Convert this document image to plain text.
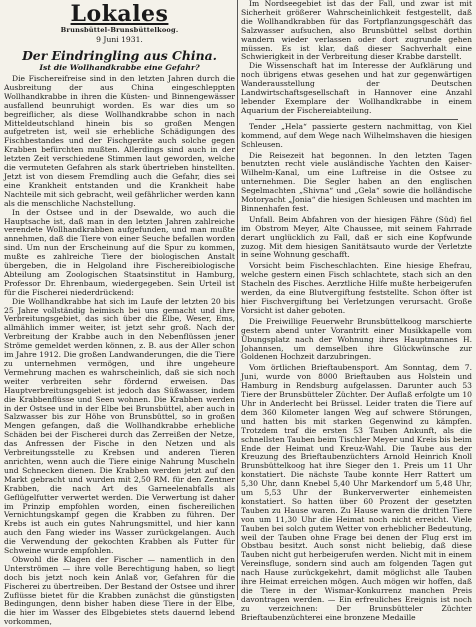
Lokales
Brunsbüttel-Brunsbüttelkoog.
9 Juni 1931.
Der Eindringling aus China.
Ist die Wollhandkrabbe eine Gefahr?

Die Fischereifreise sind in den letzten Jahren durch die Ausbreitung der aus China eingeschleppten Wollhandkrabbe in ihren die Küsten- und Binnengewässer ausfallend beunruhigt worden. Es war dies um so begreiflicher, als diese Wollhandkrabbe schon in nach Mitteldeutschland hinein bis so großen Mengen aufgetreten ist, weil sie erhebliche Schädigungen des Fischbestandes und der Fischgeräte auch solche gegen Krabben befürchten mußten. Allerdings sind auch in der letzten Zeit verschiedene Stimmen laut geworden, welche die vermuteten Gefahren als stark übertrieben hinstellten. Jetzt ist von diesem Fremdling auch die Gefahr, dies sei eine Krankheit entstanden und die Krankheit habe Nachteile mit sich gebracht, weil gefährlicher werden kann als die menschliche Nachstellung.

In der Ostsee und in der Dsewalde, wo auch die Hauptsache ist, daß man in den letzten Jahren zahlreiche verendete Wollhandkrabben aufgefunden, und man mußte annehmen, daß die Tiere von einer Seuche befallen worden sind. Um nun der Erscheinung auf die Spur zu kommen, mußte es zahlreiche Tiere der biologischen Anstalt übergeben, die in Helgoland ihre Fischereibiologische Abteilung am Zoologischen Staatsinstitut in Hamburg, Professor Dr. Ehrenbaum, wiedergegeben. Sein Urteil ist für die Fischerei niederdrückend:

Die Wollhandkrabbe hat sich im Laufe der letzten 20 bis 25 Jahre vollständig heimisch bei uns gemacht und ihre Verbreitungsgebiet, das sich über die Elbe, Weser, Ems, allmählich immer weiter, ist jetzt sehr groß. Nach der Verbreitung der Krabbe auch in den Nebenflüssen jener Ströme gemeldet werden können, z. B. aus der Aller schon im Jahre 1912. Die großen Landwanderungen, die die Tiere zu unternehmen vermögen, und ihre ungeheure Vermehrung machen es wahrscheinlich, daß sie sich noch weiter verbreiten sehr fördernd erweisen. Das Hauptverbreitungsgebiet ist jedoch das Süßwasser, indem die Krabbenflüsse und Seen wohnen. Die Krabben werden in der Ostsee und in der Elbe bei Brunsbüttel, aber auch in Salzwasser bis zur Höhe von Brunsbüttel, so in großen Mengen gefangen, daß die Wollhandkrabbe erhebliche Schäden bei der Fischerei durch das Zerreißen der Netze, das Anfressen der Fische in den Netzen und als Verbreitungsstelle zu Krebsen und anderen Tieren anrichten, wenn auch die Tiere einige Nahrung Muscheln und Schnecken dienen. Die Krabben werden jetzt auf den Markt gebracht und wurden mit 2,50 RM. für den Zentner Krabben, die nach Art des Garneelenabfalls als Geflügelfutter verwertet werden. Die Verwertung ist daher im Prinzip empfohlen worden, einen fischereilichen Vernichtungskampf gegen die Krabben zu führen. Der Krebs ist auch ein gutes Nahrungsmittel, und hier kann auch den Fang wieder ins Wasser zurückgelangen. Auch die Verwendung der gekochten Krabben als Futter für Schweine wurde empfohlen.

Obwohl die Klagen der Fischer — namentlich in den Unterströmen — ihre volle Berechtigung haben, so liegt doch bis jetzt noch kein Anlaß vor, Gefahren für die Fischerei zu übertreiben. Der Bestand der Ostsee und ihrer Zuflüsse bietet für die Krabben zunächst die günstigsten Bedingungen, denn bisher haben diese Tiere in der Elbe, die hier im Wasser des Elbgebietes stets dauernd lebend vorkommen,

Im Nordseegebiet ist das der Fall, und zwar ist mit Sicherheit größerer Wahrscheinlichkeit festgestellt, daß die Wollhandkrabben für das Fortpflanzungsgeschäft das Salzwasser aufsuchen, also Brunsbüttel selbst dorthin wandern wieder verlassen oder dort zugrunde gehen müssen. Es ist klar, daß dieser Sachverhalt eine Schwierigkeit in der Verbreitung dieser Krabbe darstellt.

Die Wissenschaft hat im Interesse der Aufklärung und noch übrigens etwas gesehen und hat zur gegenwärtigen Wanderausstellung der Deutschen Landwirtschaftsgesellschaft in Hannover eine Anzahl lebender Exemplare der Wollhandkrabbe in einem Aquarium der Fischereiabteilung.

Tender „Hela“ passierte gestern nachmittag, von Kiel kommend, auf dem Wege nach Wilhelmshaven die hiesigen Schleusen.

Die Reisezeit hat begonnen. In den letzten Tagen benutzten recht viele ausländische Yachten den Kaiser-Wilhelm-Kanal, um eine Luftreise in die Ostsee zu unternehmen. Die Segler haben an den englischen Segelmachten „Shivna“ und „Gela“ sowie die holländische Motoryacht „Jonia“ die hiesigen Schleusen und machten im Binnenhafen fest.

Unfall. Beim Abfahren von der hiesigen Fähre (Süd) fiel im Obstrom Meyer, Alte Chaussee, mit seinem Fahrrade derart unglücklich zu Fall, daß er sich eine Kopfwunde zuzog. Mit dem hiesigen Sanitätsauto wurde der Verletzte in seine Wohnung geschafft.

Vorsicht beim Fischeschlachten. Eine hiesige Ehefrau, welche gestern einen Fisch schlachtete, stach sich an den Stacheln des Fisches. Aerztliche Hilfe mußte herbeigerufen werden, da eine Blutvergiftung feststellte. Schon öfter ist hier Fischvergiftung bei Verletzungen verursacht. Große Vorsicht ist daher geboten.

Die Freiwillige Feuerwehr Brunsbüttelkoog marschierte gestern abend unter Vorantritt einer Musikkapelle vom Übungsplatz nach der Wohnung ihres Hauptmannes H. Johannsen, um demselben ihre Glückwünsche zur Goldenen Hochzeit darzubringen.

Vom örtlichen Brieftaubensport. Am Sonntag, dem 7. Juni, wurde von 8000 Brieftauben aus Holstein und Hamburg in Rendsburg aufgelassen. Darunter auch 53 Tiere der Brunsbütteler Züchter. Der Auflaß erfolgte um 10 Uhr in Anderlecht bei Brüssel. Leider traten die Tiere auf dem 360 Kilometer langen Weg auf schwere Störungen, und hatten bis mit starken Gegenwind zu kämpfen. Trotzdem traf die ersten 53 Tauben Ankunft, als die schnellsten Tauben beim Tischler Meyer und Kreis bis beim Ende der Heimat und Kreuz-Wahl. Die Taube aus der Kreuzung des Brieftaubenzüchters Arnold Heinrich Knoll Brunsbüttelkoog hat ihre Sieger den 1. Preis um 11 Uhr konstatiert. Die nächste Taube konnte Herr Rattert um 5,30 Uhr, dann Knebel 5,40 Uhr Markendorf um 5,48 Uhr, um 5,53 Uhr der Bunkerverwerter einhemeisten konstatiert. So hatten über 60 Prozent der gesetzten Tauben zu Hause waren. Zu Hause waren die dritten Tiere von um 11,30 Uhr die Heimat noch nicht erreicht. Viele Tauben bei solch gutem Wetter von erheblicher Bedeutung, weil der Tauben ohne Frage bei denen der Flug erst im Obstbau besitzt. Auch sonst nicht beliebig, daß diese Tauben nicht gut herbeigerufen werden. Nicht mit in einem Vereinsfluge, sondern sind auch am folgenden Tagen gut nach Hause zurückgekehrt, damit möglichst alle Tauben ihre Heimat erreichen mögen. Auch mögen wir hoffen, daß die Tiere in der Wismar-Konkurrenz manchen Preis davontragen werden. — Ein erfreuliches Ereignis ist noch zu verzeichnen: Der Brunsbütteler Züchter Brieftaubenzüchterei eine bronzene Medaille
